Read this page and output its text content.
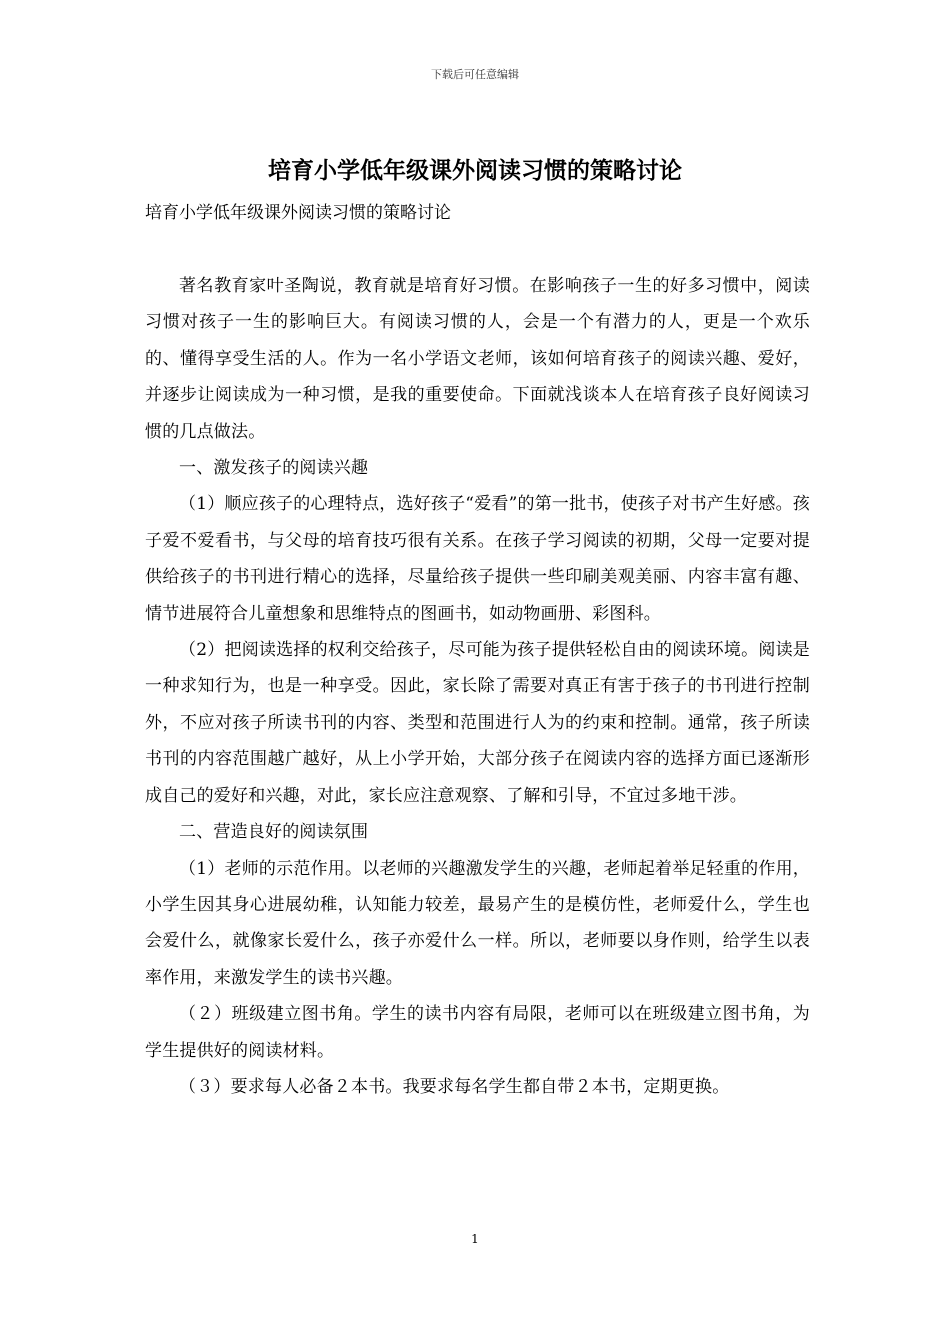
下载后可任意编辑
培育小学低年级课外阅读习惯的策略讨论
培育小学低年级课外阅读习惯的策略讨论

著名教育家叶圣陶说，教育就是培育好习惯。在影响孩子一生的好多习惯中，阅读习惯对孩子一生的影响巨大。有阅读习惯的人，会是一个有潜力的人，更是一个欢乐的、懂得享受生活的人。作为一名小学语文老师，该如何培育孩子的阅读兴趣、爱好，并逐步让阅读成为一种习惯，是我的重要使命。下面就浅谈本人在培育孩子良好阅读习惯的几点做法。

一、激发孩子的阅读兴趣

（1）顺应孩子的心理特点，选好孩子“爱看”的第一批书，使孩子对书产生好感。孩子爱不爱看书，与父母的培育技巧很有关系。在孩子学习阅读的初期，父母一定要对提供给孩子的书刊进行精心的选择，尽量给孩子提供一些印刷美观美丽、内容丰富有趣、情节进展符合儿童想象和思维特点的图画书，如动物画册、彩图科。

（2）把阅读选择的权利交给孩子，尽可能为孩子提供轻松自由的阅读环境。阅读是一种求知行为，也是一种享受。因此，家长除了需要对真正有害于孩子的书刊进行控制外，不应对孩子所读书刊的内容、类型和范围进行人为的约束和控制。通常，孩子所读书刊的内容范围越广越好，从上小学开始，大部分孩子在阅读内容的选择方面已逐渐形成自己的爱好和兴趣，对此，家长应注意观察、了解和引导，不宜过多地干涉。

二、营造良好的阅读氛围

（1）老师的示范作用。以老师的兴趣激发学生的兴趣，老师起着举足轻重的作用，小学生因其身心进展幼稚，认知能力较差，最易产生的是模仿性，老师爱什么，学生也会爱什么，就像家长爱什么，孩子亦爱什么一样。所以，老师要以身作则，给学生以表率作用，来激发学生的读书兴趣。

（２）班级建立图书角。学生的读书内容有局限，老师可以在班级建立图书角，为学生提供好的阅读材料。

（３）要求每人必备２本书。我要求每名学生都自带２本书，定期更换。

1
